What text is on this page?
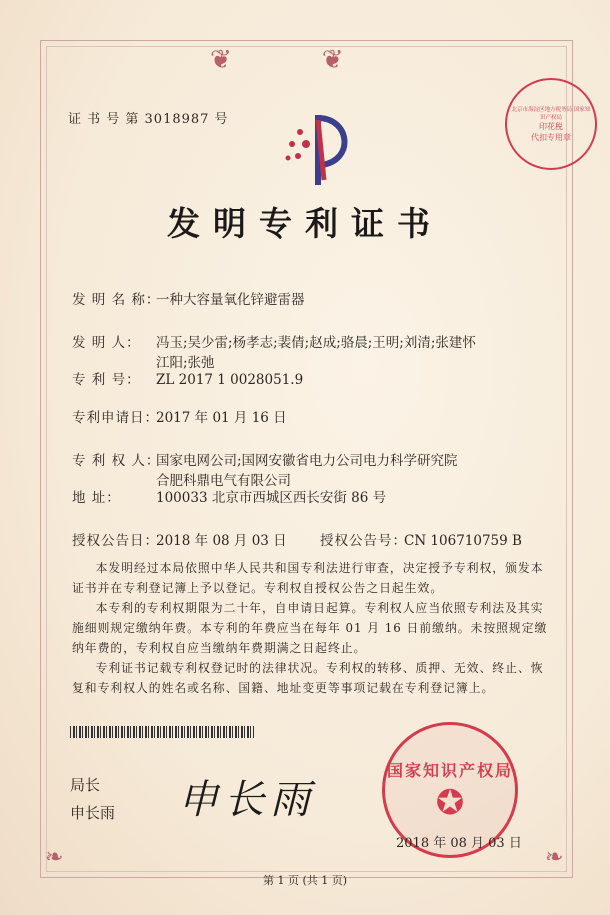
❦❦
❧	❧
证 书 号 第 3018987 号
发明专利证书
发 明 名 称：
一种大容量氧化锌避雷器
发 明 人：	冯玉;吴少雷;杨孝志;裴倩;赵成;骆晨;王明;刘清;张建怀
江阳;张弛
专 利 号：	ZL 2017 1 0028051.9
专利申请日：
2017 年 01 月 16 日
专 利 权 人：
国家电网公司;国网安徽省电力公司电力科学研究院
合肥科鼎电气有限公司
地 址：	100033 北京市西城区西长安街 86 号
授权公告日：
2018 年 08 月 03 日 授权公告号：
CN 106710759 B

本发明经过本局依照中华人民共和国专利法进行审查，决定授予专利权，颁发本证书并在专利登记簿上予以登记。专利权自授权公告之日起生效。

本专利的专利权期限为二十年，自申请日起算。专利权人应当依照专利法及其实施细则规定缴纳年费。本专利的年费应当在每年 01 月 16 日前缴纳。未按照规定缴纳年费的，专利权自应当缴纳年费期满之日起终止。

专利证书记载专利权登记时的法律状况。专利权的转移、质押、无效、终止、恢复和专利权人的姓名或名称、国籍、地址变更等事项记载在专利登记簿上。

局长
申长雨 申长雨
北京市海淀区地方税务局 国家知识产权局
印花税
代扣专用章
国家知识产权局
✪
2018 年 08 月 03 日
第 1 页 (共 1 页)
